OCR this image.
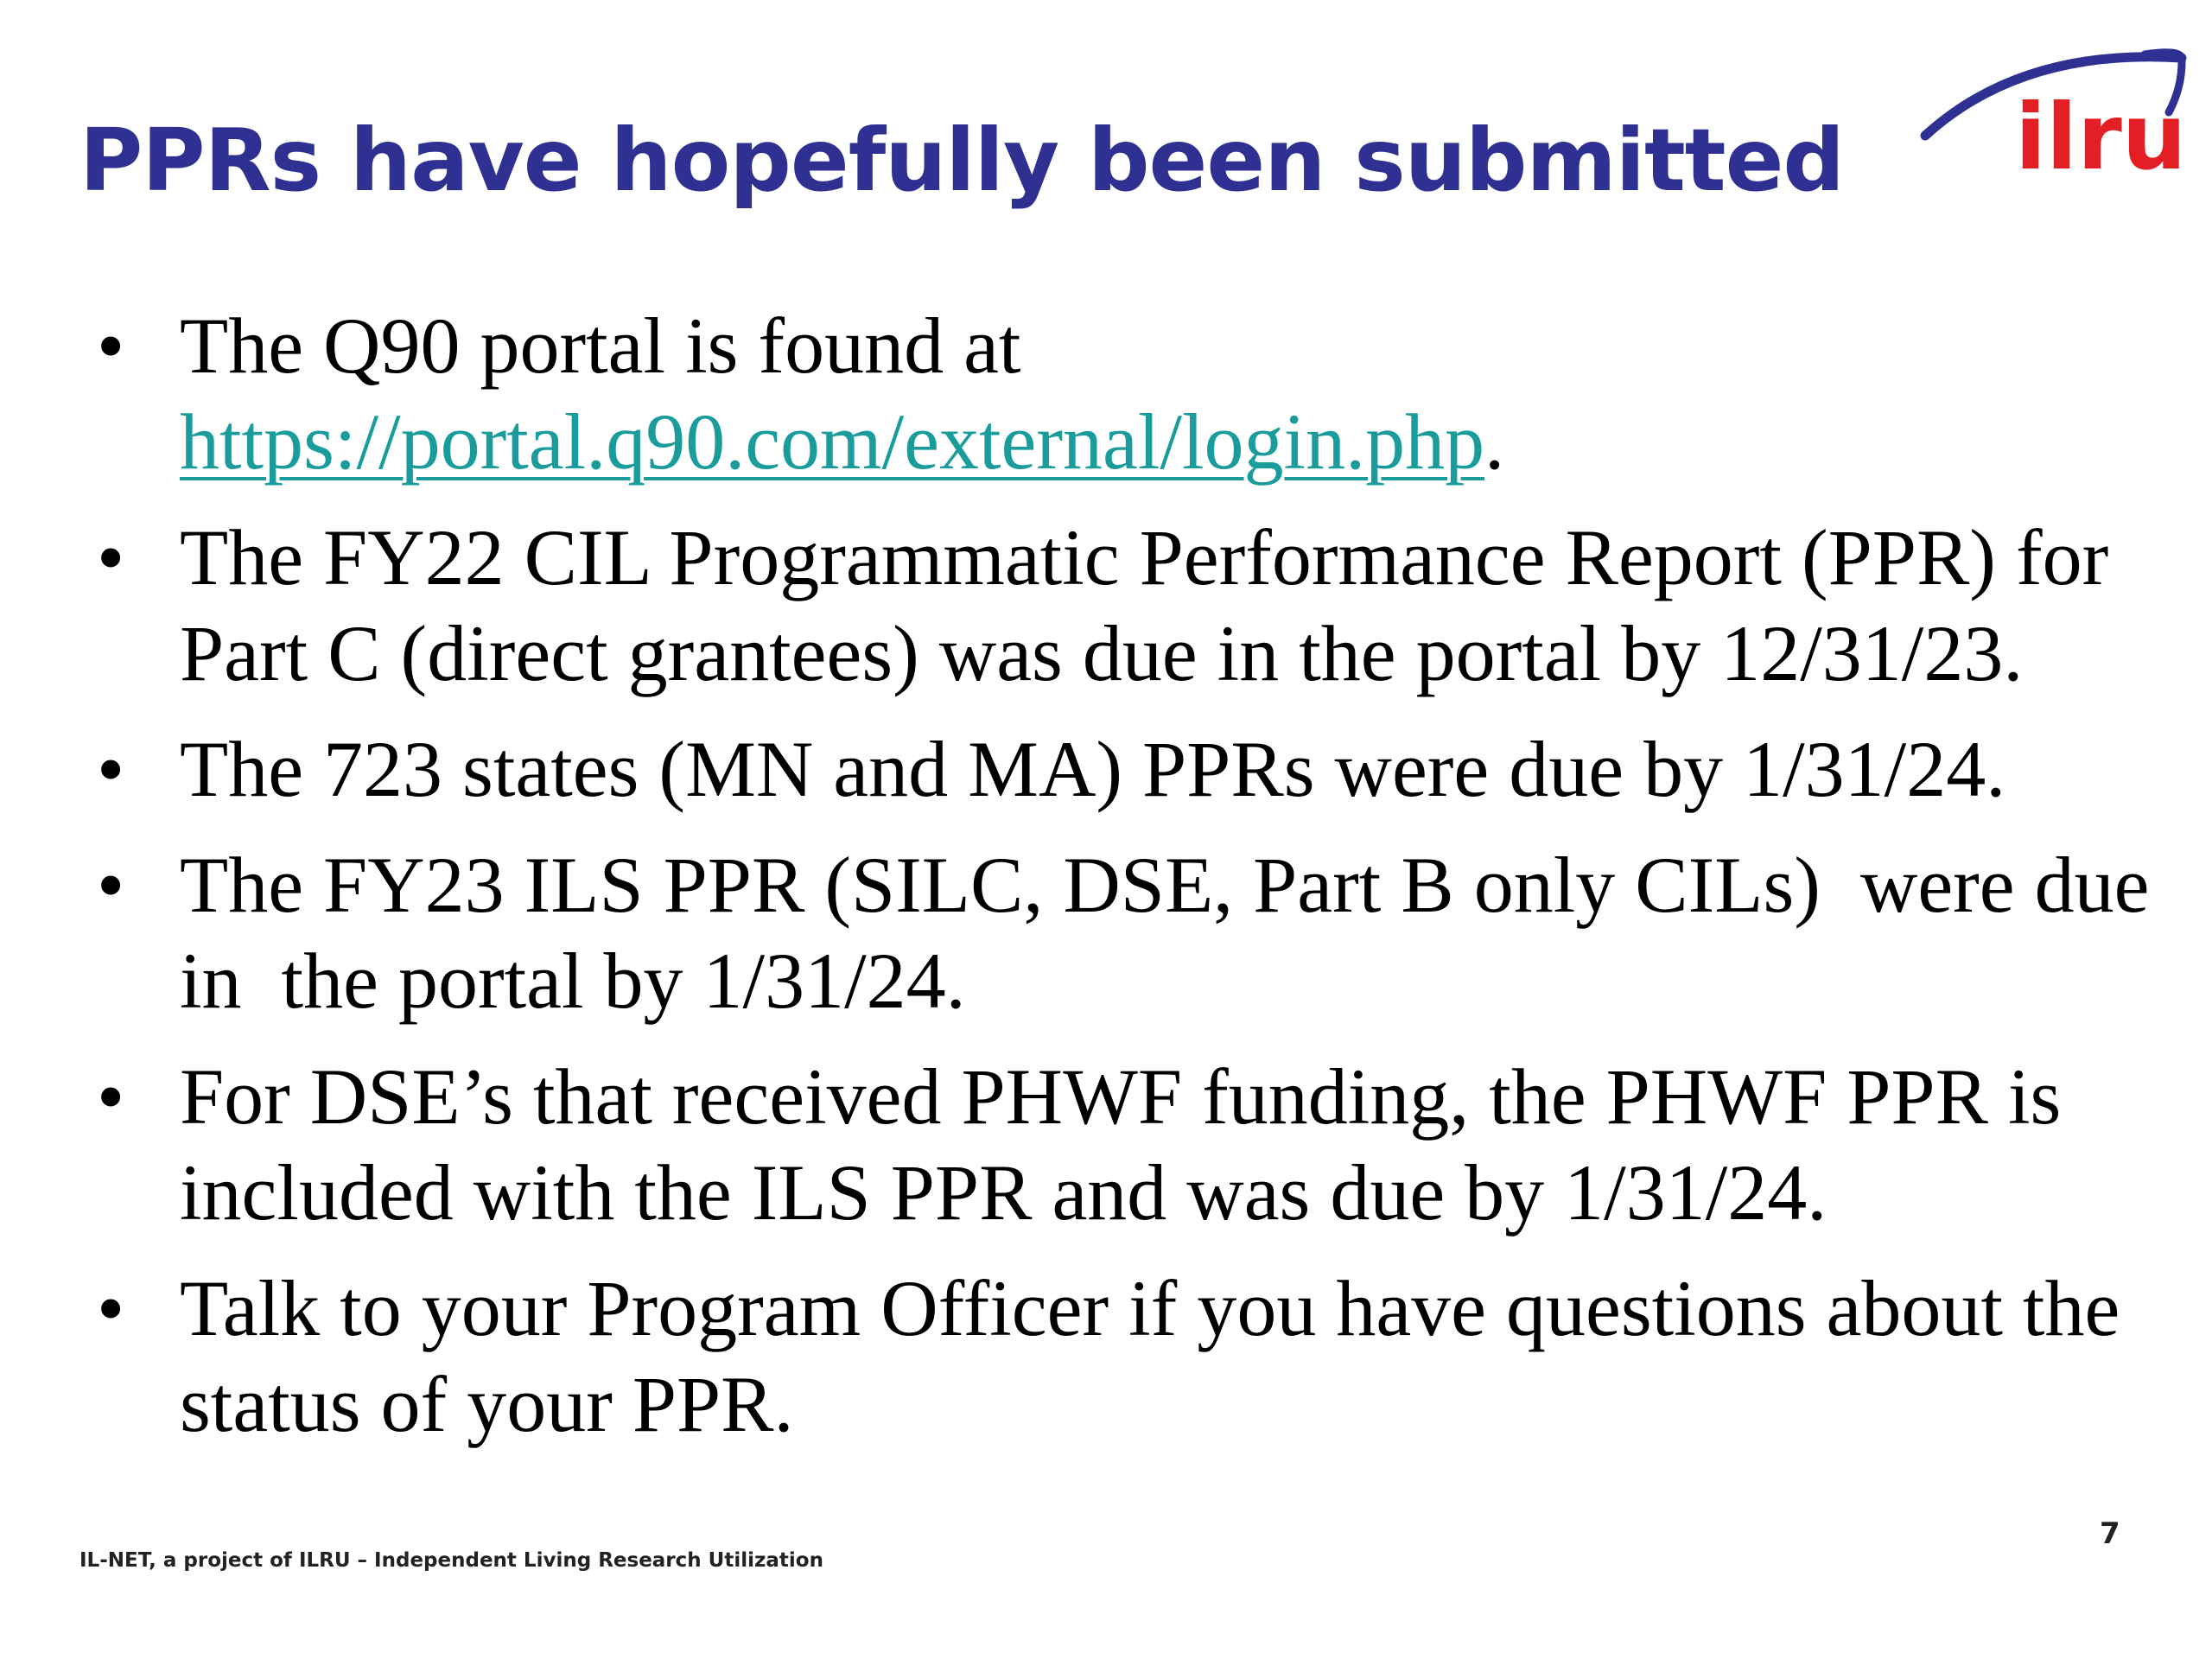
PPRs have hopefully been submitted ilru
• The Q90 portal is found at
https://portal.q90.com/external/login.php.
• The FY22 CIL Programmatic Performance Report (PPR) for Part C (direct grantees) was due in the portal by 12/31/23.
• The 723 states (MN and MA) PPRs were due by 1/31/24.
• The FY23 ILS PPR (SILC, DSE, Part B only CILs)  were due in  the portal by 1/31/24.
• For DSE’s that received PHWF funding, the PHWF PPR is included with the ILS PPR and was due by 1/31/24.
• Talk to your Program Officer if you have questions about the status of your PPR.
IL-NET, a project of ILRU – Independent Living Research Utilization
7
